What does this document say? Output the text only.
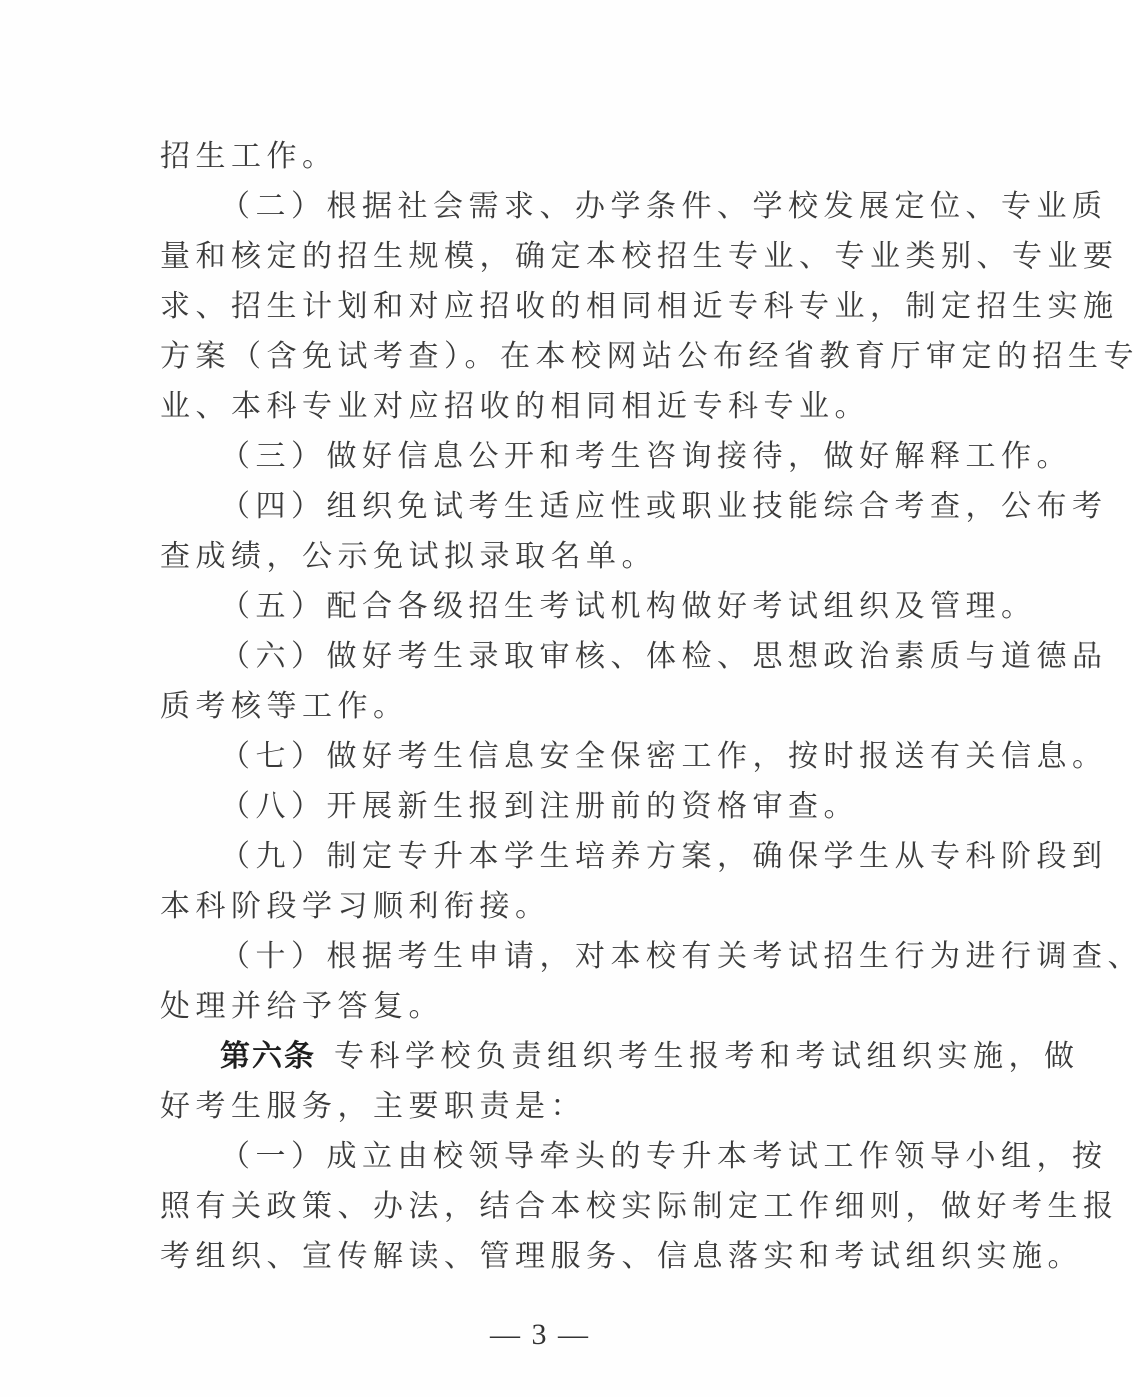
招生工作。
（二）根据社会需求、办学条件、学校发展定位、专业质
量和核定的招生规模，确定本校招生专业、专业类别、专业要
求、招生计划和对应招收的相同相近专科专业，制定招生实施
方案（含免试考查）。在本校网站公布经省教育厅审定的招生专
业、本科专业对应招收的相同相近专科专业。
（三）做好信息公开和考生咨询接待，做好解释工作。
（四）组织免试考生适应性或职业技能综合考查，公布考
查成绩，公示免试拟录取名单。
（五）配合各级招生考试机构做好考试组织及管理。
（六）做好考生录取审核、体检、思想政治素质与道德品
质考核等工作。
（七）做好考生信息安全保密工作，按时报送有关信息。
（八）开展新生报到注册前的资格审查。
（九）制定专升本学生培养方案，确保学生从专科阶段到
本科阶段学习顺利衔接。
（十）根据考生申请，对本校有关考试招生行为进行调查、
处理并给予答复。
第六条 专科学校负责组织考生报考和考试组织实施，做
好考生服务，主要职责是：
（一）成立由校领导牵头的专升本考试工作领导小组，按
照有关政策、办法，结合本校实际制定工作细则，做好考生报
考组织、宣传解读、管理服务、信息落实和考试组织实施。
— 3 —
